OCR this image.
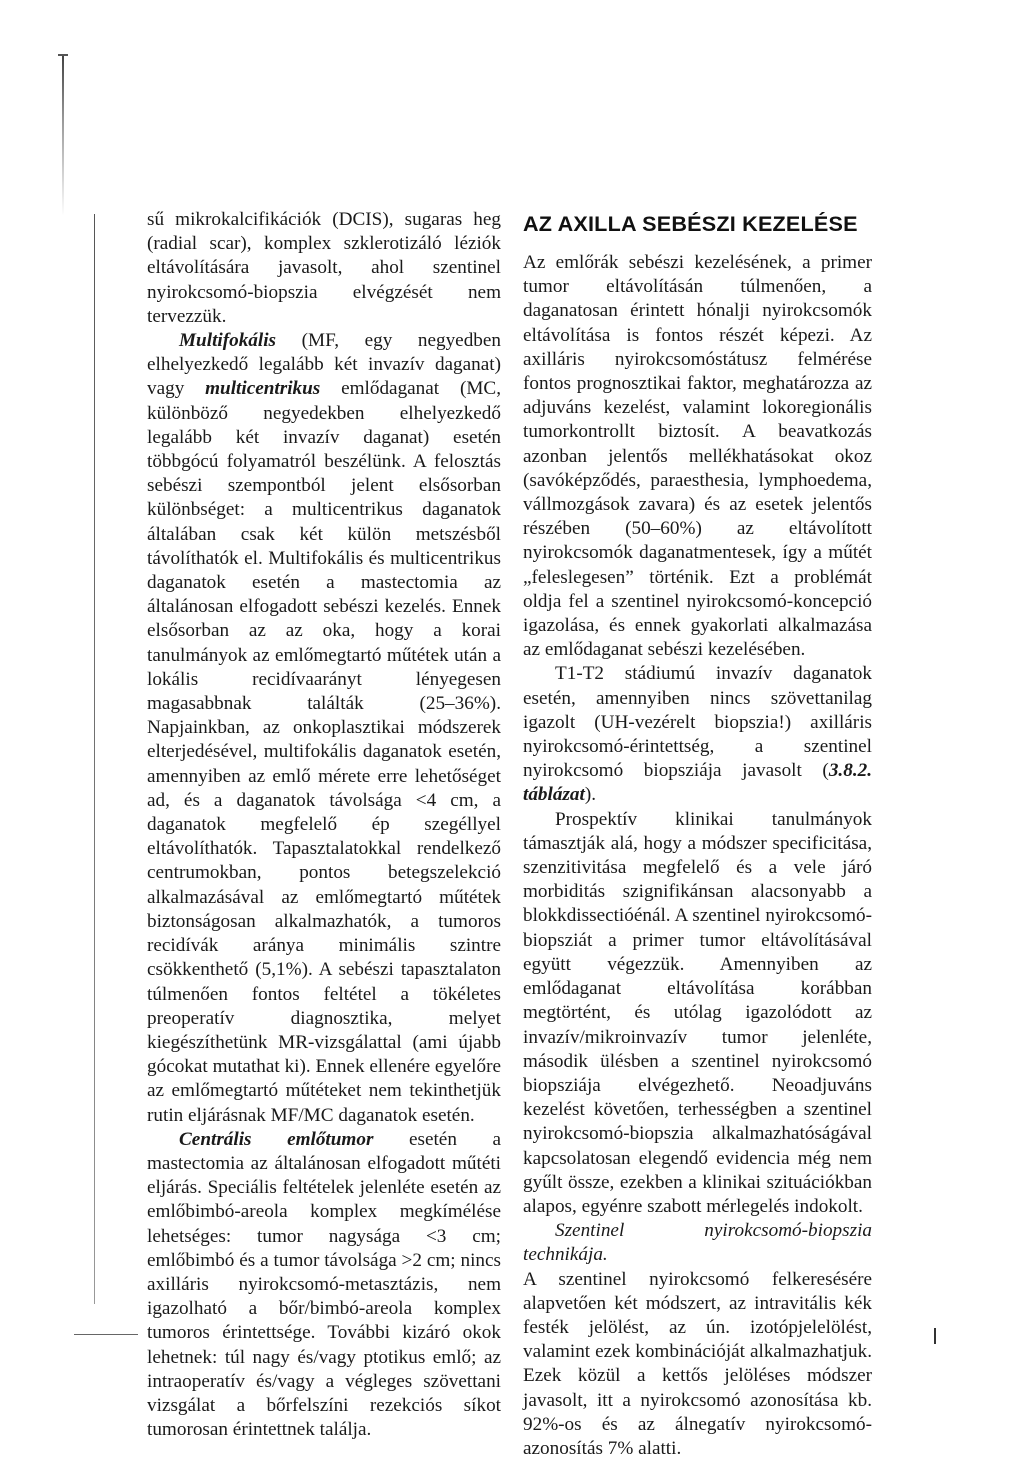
sű mikrokalcifikációk (DCIS), sugaras heg (radial scar), komplex szklerotizáló léziók eltávolítására javasolt, ahol szentinel nyirokcsomó-biopszia elvégzését nem tervezzük.

Multifokális (MF, egy negyedben elhelyezkedő legalább két invazív daganat) vagy multicentrikus emlődaganat (MC, különböző negyedekben elhelyezkedő legalább két invazív daganat) esetén többgócú folyamatról beszélünk. A felosztás sebészi szempontból jelent elsősorban különbséget: a multicentrikus daganatok általában csak két külön metszésből távolíthatók el. Multifokális és multicentrikus daganatok esetén a mastectomia az általánosan elfogadott sebészi kezelés. Ennek elsősorban az az oka, hogy a korai tanulmányok az emlőmegtartó műtétek után a lokális recidívaarányt lényegesen magasabbnak találták (25–36%). Napjainkban, az onkoplasztikai módszerek elterjedésével, multifokális daganatok esetén, amennyiben az emlő mérete erre lehetőséget ad, és a daganatok távolsága <4 cm, a daganatok megfelelő ép szegéllyel eltávolíthatók. Tapasztalatokkal rendelkező centrumokban, pontos betegszelekció alkalmazásával az emlőmegtartó műtétek biztonságosan alkalmazhatók, a tumoros recidívák aránya minimális szintre csökkenthető (5,1%). A sebészi tapasztalaton túlmenően fontos feltétel a tökéletes preoperatív diagnosztika, melyet kiegészíthetünk MR-vizsgálattal (ami újabb gócokat mutathat ki). Ennek ellenére egyelőre az emlőmegtartó műtéteket nem tekinthetjük rutin eljárásnak MF/MC daganatok esetén.

Centrális emlőtumor esetén a mastectomia az általánosan elfogadott műtéti eljárás. Speciális feltételek jelenléte esetén az emlőbimbó-areola komplex megkímélése lehetséges: tumor nagysága <3 cm; emlőbimbó és a tumor távolsága >2 cm; nincs axilláris nyirokcsomó-metasztázis, nem igazolható a bőr/bimbó-areola komplex tumoros érintettsége. További kizáró okok lehetnek: túl nagy és/vagy ptotikus emlő; az intraoperatív és/vagy a végleges szövettani vizsgálat a bőrfelszíni rezekciós síkot tumorosan érintettnek találja.

AZ AXILLA SEBÉSZI KEZELÉSE

Az emlőrák sebészi kezelésének, a primer tumor eltávolításán túlmenően, a daganatosan érintett hónalji nyirokcsomók eltávolítása is fontos részét képezi. Az axilláris nyirokcsomóstátusz felmérése fontos prognosztikai faktor, meghatározza az adjuváns kezelést, valamint lokoregionális tumorkontrollt biztosít. A beavatkozás azonban jelentős mellékhatásokat okoz (savóképződés, paraesthesia, lymphoedema, vállmozgások zavara) és az esetek jelentős részében (50–60%) az eltávolított nyirokcsomók daganatmentesek, így a műtét „feleslegesen” történik. Ezt a problémát oldja fel a szentinel nyirokcsomó-koncepció igazolása, és ennek gyakorlati alkalmazása az emlődaganat sebészi kezelésében.

T1-T2 stádiumú invazív daganatok esetén, amennyiben nincs szövettanilag igazolt (UH-vezérelt biopszia!) axilláris nyirokcsomó-érintettség, a szentinel nyirokcsomó biopsziája javasolt (3.8.2. táblázat).

Prospektív klinikai tanulmányok támasztják alá, hogy a módszer specificitása, szenzitivitása megfelelő és a vele járó morbiditás szignifikánsan alacsonyabb a blokkdissectióénál. A szentinel nyirokcsomó-biopsziát a primer tumor eltávolításával együtt végezzük. Amennyiben az emlődaganat eltávolítása korábban megtörtént, és utólag igazolódott az invazív/mikroinvazív tumor jelenléte, második ülésben a szentinel nyirokcsomó biopsziája elvégezhető. Neoadjuváns kezelést követően, terhességben a szentinel nyirokcsomó-biopszia alkalmazhatóságával kapcsolatosan elegendő evidencia még nem gyűlt össze, ezekben a klinikai szituációkban alapos, egyénre szabott mérlegelés indokolt.

Szentinel nyirokcsomó-biopszia technikája.

A szentinel nyirokcsomó felkeresésére alapvetően két módszert, az intravitális kék festék jelölést, az ún. izotópjelelölést, valamint ezek kombinációját alkalmazhatjuk. Ezek közül a kettős jelöléses módszer javasolt, itt a nyirokcsomó azonosítása kb. 92%-os és az álnegatív nyirokcsomó-azonosítás 7% alatti.
